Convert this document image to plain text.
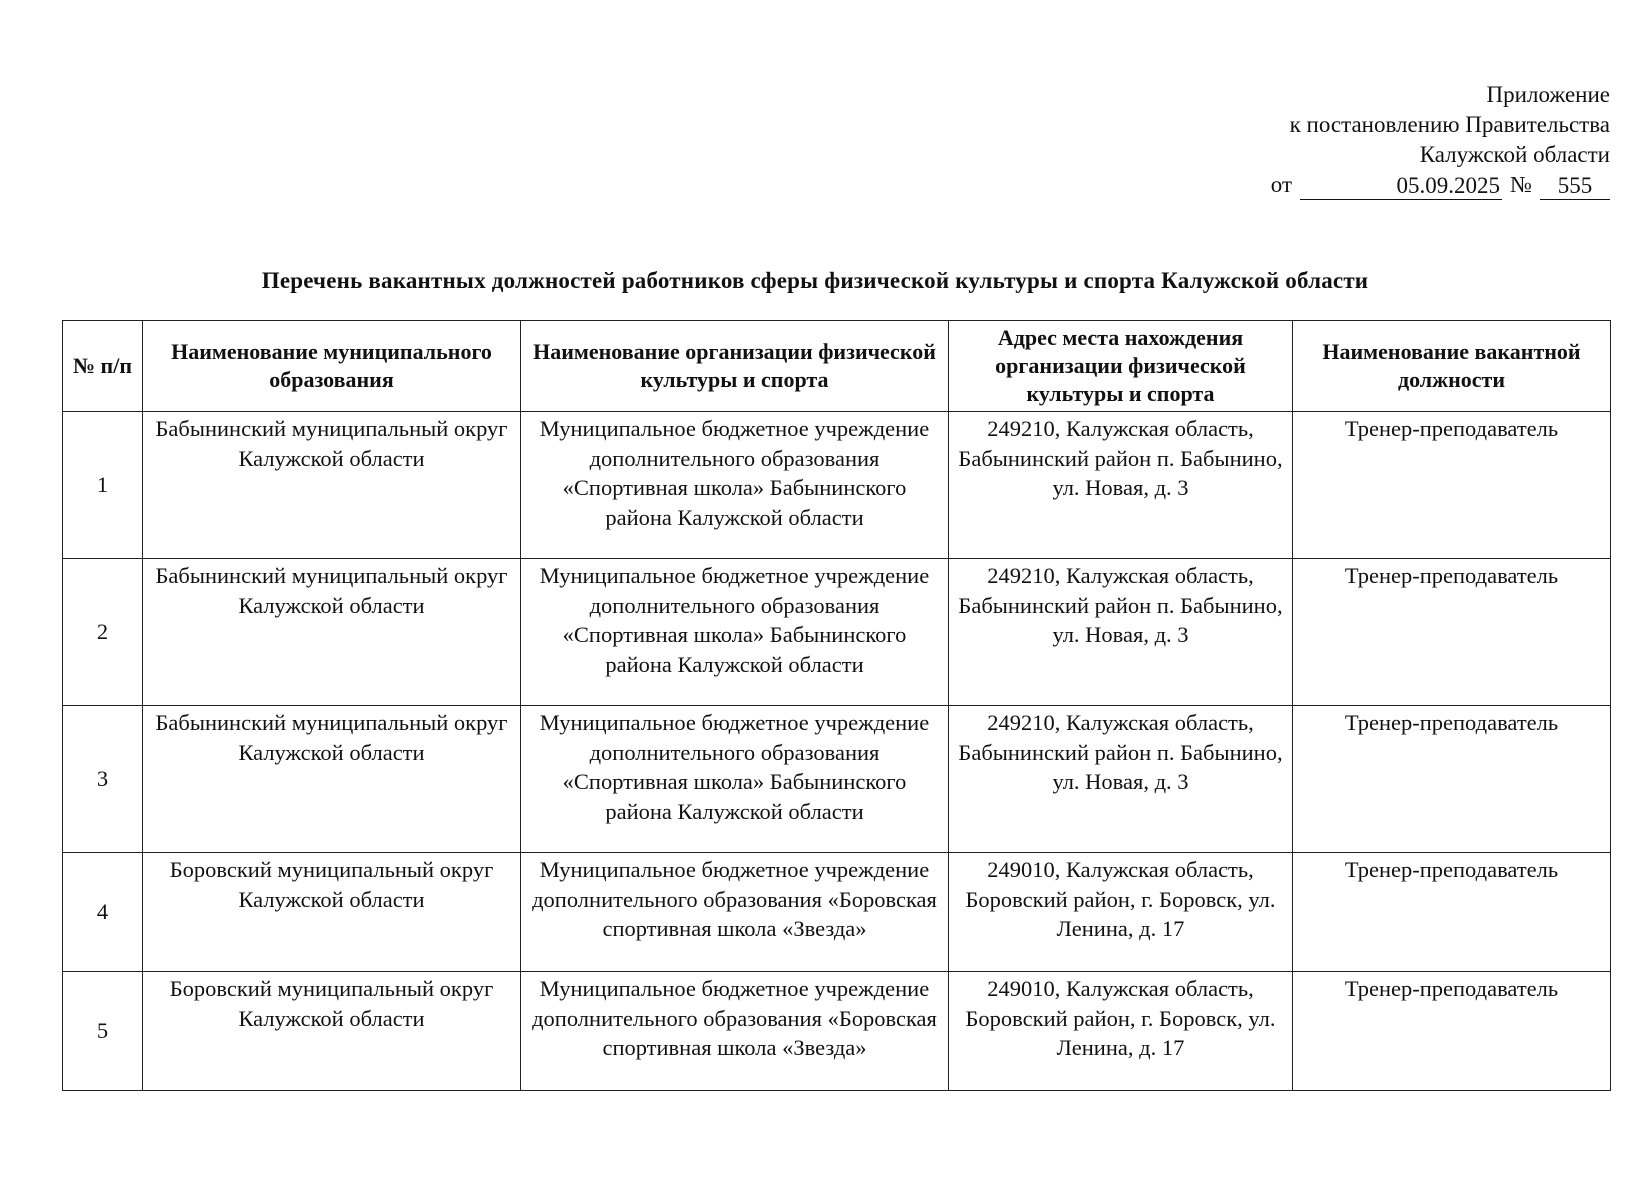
Приложение
к постановлению Правительства
Калужской области
от	05.09.2025 №	555
Перечень вакантных должностей работников сферы физической культуры и спорта Калужской области
№ п/п	Наименование муниципального образования	Наименование организации физической культуры и спорта	Адрес места нахождения организации физической культуры и спорта	Наименование вакантной должности
1	Бабынинский муниципальный округ Калужской области	Муниципальное бюджетное учреждение дополнительного образования «Спортивная школа» Бабынинского района Калужской области	249210, Калужская область, Бабынинский район п. Бабынино, ул. Новая, д. 3	Тренер-преподаватель
2	Бабынинский муниципальный округ Калужской области	Муниципальное бюджетное учреждение дополнительного образования «Спортивная школа» Бабынинского района Калужской области	249210, Калужская область, Бабынинский район п. Бабынино, ул. Новая, д. 3	Тренер-преподаватель
3	Бабынинский муниципальный округ Калужской области	Муниципальное бюджетное учреждение дополнительного образования «Спортивная школа» Бабынинского района Калужской области	249210, Калужская область, Бабынинский район п. Бабынино, ул. Новая, д. 3	Тренер-преподаватель
4	Боровский муниципальный округ Калужской области	Муниципальное бюджетное учреждение дополнительного образования «Боровская спортивная школа «Звезда»	249010, Калужская область, Боровский район, г. Боровск, ул. Ленина, д. 17	Тренер-преподаватель
5	Боровский муниципальный округ Калужской области	Муниципальное бюджетное учреждение дополнительного образования «Боровская спортивная школа «Звезда»	249010, Калужская область, Боровский район, г. Боровск, ул. Ленина, д. 17	Тренер-преподаватель
